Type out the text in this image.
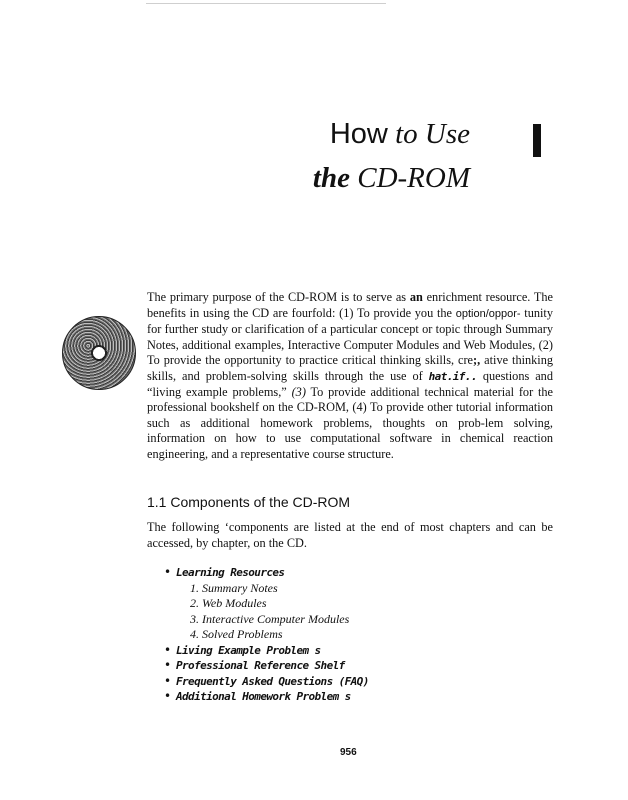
How to Use
the CD-ROM

The primary purpose of the CD-ROM is to serve as an enrichment resource. The benefits in using the CD are fourfold: (1) To provide you the option/oppor- tunity for further study or clarification of a particular concept or topic through Summary Notes, additional examples, Interactive Computer Modules and Web Modules, (2) To provide the opportunity to practice critical thinking skills, cre;, ative thinking skills, and problem-solving skills through the use of hat.if.. questions and “living example problems,” (3) To provide additional technical material for the professional bookshelf on the CD-ROM, (4) To provide other tutorial information such as additional homework problems, thoughts on prob-lem solving, information on how to use computational software in chemical reaction engineering, and a representative course structure.

1.1 Components of the CD-ROM

The following ‘components are listed at the end of most chapters and can be accessed, by chapter, on the CD.

• Learning Resources
1. Summary Notes
2. Web Modules
3. Interactive Computer Modules
4. Solved Problems
• Living Example Problem s
• Professional Reference Shelf
• Frequently Asked Questions (FAQ)
• Additional Homework Problem s
956
